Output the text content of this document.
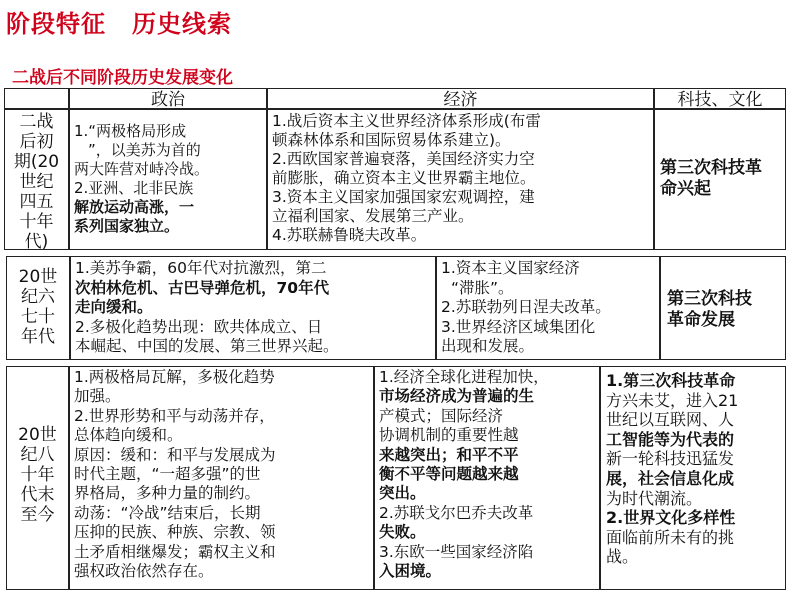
阶段特征 历史线索
二战后不同阶段历史发展变化
政治	经济	科技、文化
二战
后初
期(20
世纪
四五
十年
代)
1.“两极格局形成
”，以美苏为首的
两大阵营对峙冷战。
2.亚洲、北非民族
解放运动高涨，一
系列国家独立。
1.战后资本主义世界经济体系形成(布雷
顿森林体系和国际贸易体系建立)。
2.西欧国家普遍衰落，美国经济实力空
前膨胀，确立资本主义世界霸主地位。
3.资本主义国家加强国家宏观调控，建
立福利国家、发展第三产业。
4.苏联赫鲁晓夫改革。
第三次科技革
命兴起
20世
纪六
七十
年代
1.美苏争霸，60年代对抗激烈，第二
次柏林危机、古巴导弹危机，70年代
走向缓和。
2.多极化趋势出现：欧共体成立、日
本崛起、中国的发展、第三世界兴起。
1.资本主义国家经济
“滞胀”。
2.苏联勃列日涅夫改革。
3.世界经济区域集团化
出现和发展。
第三次科技
革命发展
20世
纪八
十年
代末
至今
1.两极格局瓦解，多极化趋势
加强。
2.世界形势和平与动荡并存，
总体趋向缓和。
原因：缓和：和平与发展成为
时代主题，“一超多强”的世
界格局，多种力量的制约。
动荡：“冷战”结束后，长期
压抑的民族、种族、宗教、领
土矛盾相继爆发；霸权主义和
强权政治依然存在。
1.经济全球化进程加快，
市场经济成为普遍的生
产模式；国际经济
协调机制的重要性越
来越突出；和平不平
衡不平等问题越来越
突出。
2.苏联戈尔巴乔夫改革
失败。
3.东欧一些国家经济陷
入困境。
1.第三次科技革命
方兴未艾，进入21
世纪以互联网、人
工智能等为代表的
新一轮科技迅猛发
展，社会信息化成
为时代潮流。
2.世界文化多样性
面临前所未有的挑
战。
